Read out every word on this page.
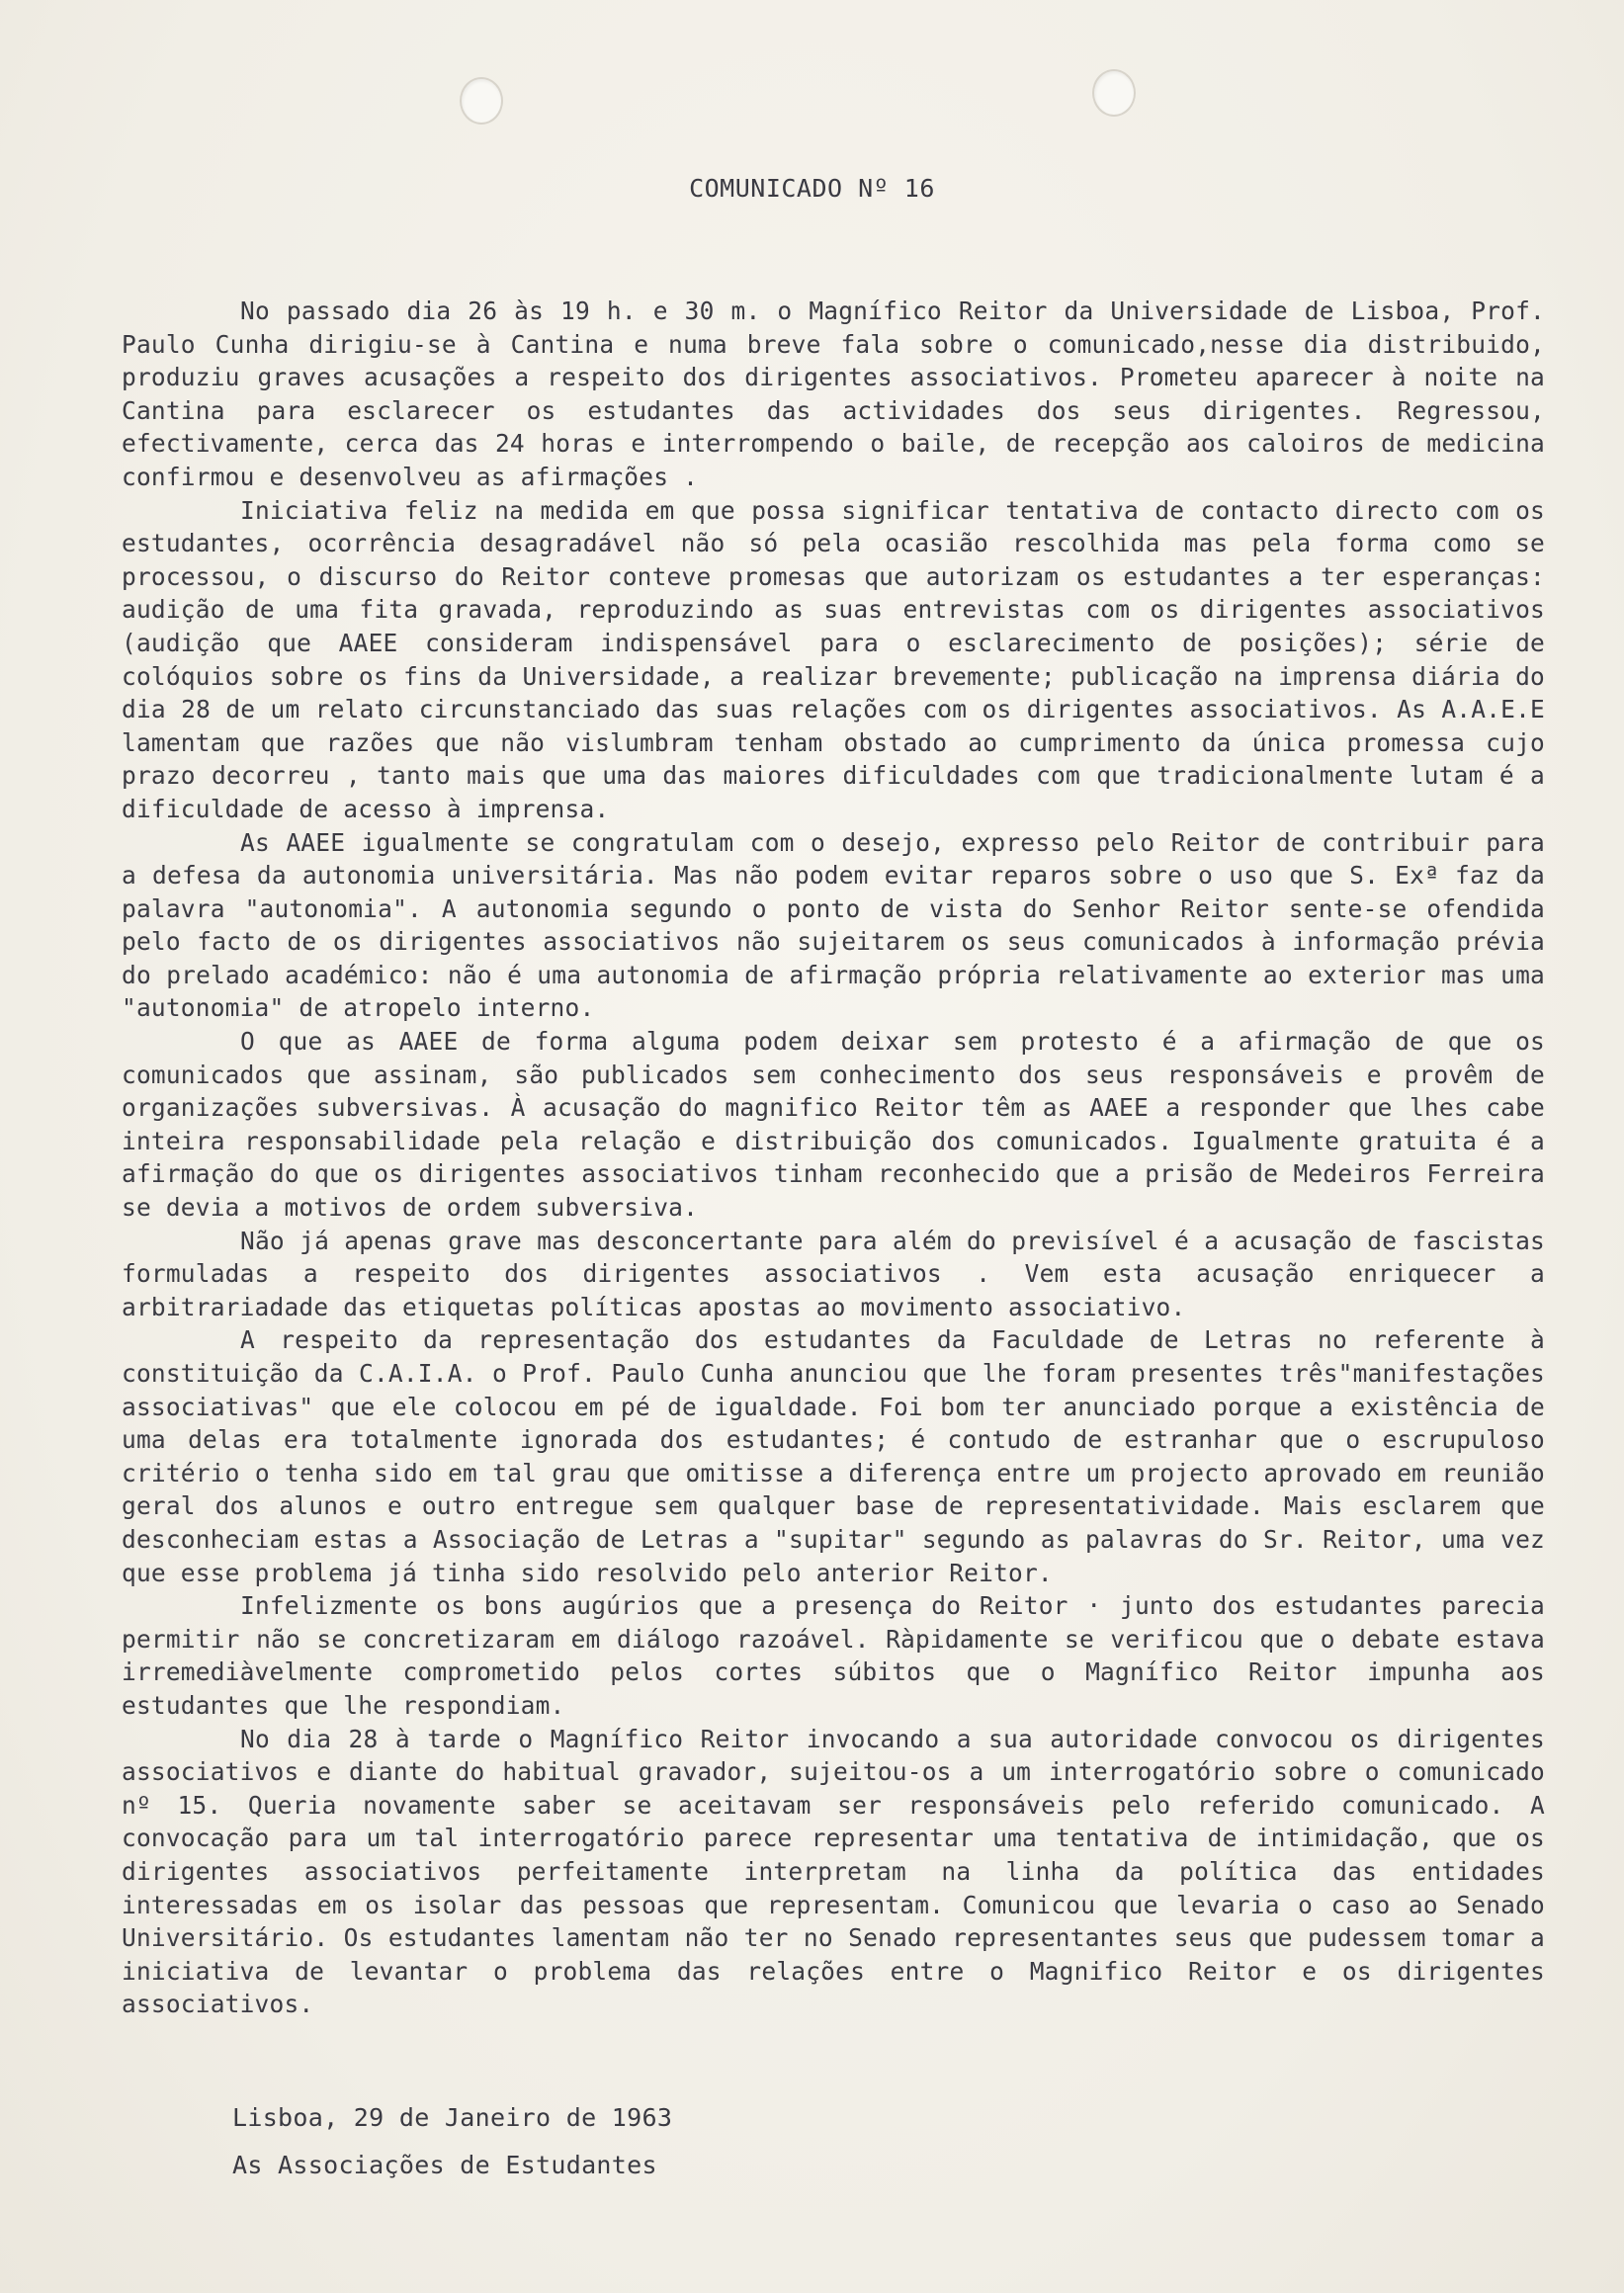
COMUNICADO Nº 16

No passado dia 26 às 19 h. e 30 m. o Magnífico Reitor da Universidade de Lisboa, Prof. Paulo Cunha dirigiu-se à Cantina e numa breve fala sobre o comunicado,nesse dia distribuido, produziu graves acusações a respeito dos dirigentes associativos. Prometeu aparecer à noite na Cantina para esclarecer os estudantes das actividades dos seus dirigentes. Regressou, efectivamente, cerca das 24 horas e interrompendo o baile, de recepção aos caloiros de medicina confirmou e desenvolveu as afirmações .

Iniciativa feliz na medida em que possa significar tentativa de contacto directo com os estudantes, ocorrência desagradável não só pela ocasião rescolhida mas pela forma como se processou, o discurso do Reitor conteve promesas que autorizam os estudantes a ter esperanças: audição de uma fita gravada, reproduzindo as suas entrevistas com os dirigentes associativos (audição que AAEE consideram indispensável para o esclarecimento de posições); série de colóquios sobre os fins da Universidade, a realizar brevemente; publicação na imprensa diária do dia 28 de um relato circunstanciado das suas relações com os dirigentes associativos. As A.A.E.E lamentam que razões que não vislumbram tenham obstado ao cumprimento da única promessa cujo prazo decorreu , tanto mais que uma das maiores dificuldades com que tradicionalmente lutam é a dificuldade de acesso à imprensa.

As AAEE igualmente se congratulam com o desejo, expresso pelo Reitor de contribuir para a defesa da autonomia universitária. Mas não podem evitar reparos sobre o uso que S. Exª faz da palavra "autonomia". A autonomia segundo o ponto de vista do Senhor Reitor sente-se ofendida pelo facto de os dirigentes associativos não sujeitarem os seus comunicados à informação prévia do prelado académico: não é uma autonomia de afirmação própria relativamente ao exterior mas uma "autonomia" de atropelo interno.

O que as AAEE de forma alguma podem deixar sem protesto é a afirmação de que os comunicados que assinam, são publicados sem conhecimento dos seus responsáveis e provêm de organizações subversivas. À acusação do magnifico Reitor têm as AAEE a responder que lhes cabe inteira responsabilidade pela relação e distribuição dos comunicados. Igualmente gratuita é a afirmação do que os dirigentes associativos tinham reconhecido que a prisão de Medeiros Ferreira se devia a motivos de ordem subversiva.

Não já apenas grave mas desconcertante para além do previsível é a acusação de fascistas formuladas a respeito dos dirigentes associativos . Vem esta acusação enriquecer a arbitrariadade das etiquetas políticas apostas ao movimento associativo.

A respeito da representação dos estudantes da Faculdade de Letras no referente à constituição da C.A.I.A. o Prof. Paulo Cunha anunciou que lhe foram presentes três"manifestações associativas" que ele colocou em pé de igualdade. Foi bom ter anunciado porque a existência de uma delas era totalmente ignorada dos estudantes; é contudo de estranhar que o escrupuloso critério o tenha sido em tal grau que omitisse a diferença entre um projecto aprovado em reunião geral dos alunos e outro entregue sem qualquer base de representatividade. Mais esclarem que desconheciam estas a Associação de Letras a "supitar" segundo as palavras do Sr. Reitor, uma vez que esse problema já tinha sido resolvido pelo anterior Reitor.

Infelizmente os bons augúrios que a presença do Reitor · junto dos estudantes parecia permitir não se concretizaram em diálogo razoável. Ràpidamente se verificou que o debate estava irremediàvelmente comprometido pelos cortes súbitos que o Magnífico Reitor impunha aos estudantes que lhe respondiam.

No dia 28 à tarde o Magnífico Reitor invocando a sua autoridade convocou os dirigentes associativos e diante do habitual gravador, sujeitou-os a um interrogatório sobre o comunicado nº 15. Queria novamente saber se aceitavam ser responsáveis pelo referido comunicado. A convocação para um tal interrogatório parece representar uma tentativa de intimidação, que os dirigentes associativos perfeitamente interpretam na linha da política das entidades interessadas em os isolar das pessoas que representam. Comunicou que levaria o caso ao Senado Universitário. Os estudantes lamentam não ter no Senado representantes seus que pudessem tomar a iniciativa de levantar o problema das relações entre o Magnifico Reitor e os dirigentes associativos.

Lisboa, 29 de Janeiro de 1963
As Associações de Estudantes
